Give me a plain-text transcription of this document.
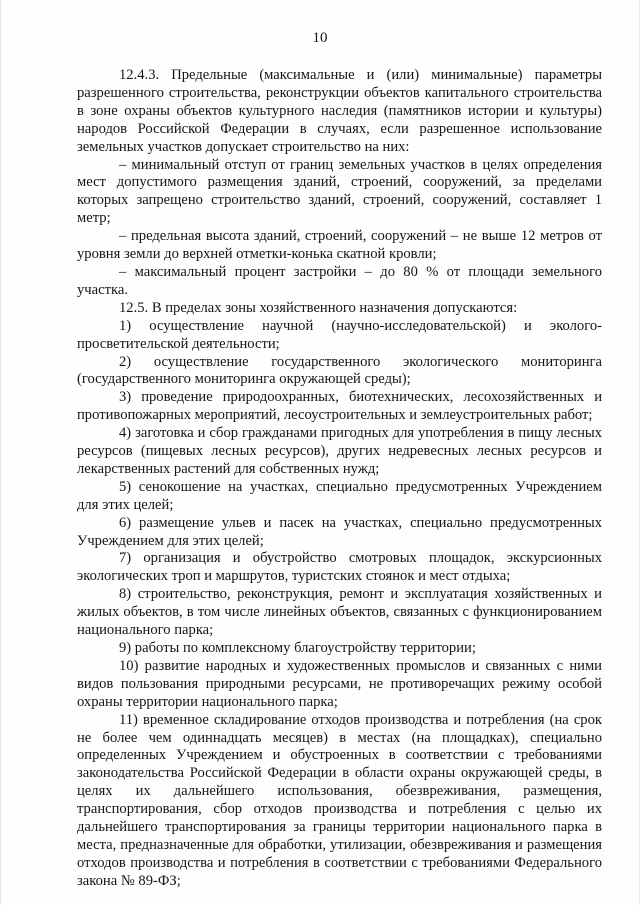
10

12.4.3. Предельные (максимальные и (или) минимальные) параметры разрешенного строительства, реконструкции объектов капитального строительства в зоне охраны объектов культурного наследия (памятников истории и культуры) народов Российской Федерации в случаях, если разрешенное использование земельных участков допускает строительство на них:

– минимальный отступ от границ земельных участков в целях определения мест допустимого размещения зданий, строений, сооружений, за пределами которых запрещено строительство зданий, строений, сооружений, составляет 1 метр;

– предельная высота зданий, строений, сооружений – не выше 12 метров от уровня земли до верхней отметки-конька скатной кровли;

– максимальный процент застройки – до 80 % от площади земельного участка.

12.5. В пределах зоны хозяйственного назначения допускаются:

1) осуществление научной (научно-исследовательской) и эколого-просветительской деятельности;

2) осуществление государственного экологического мониторинга (государственного мониторинга окружающей среды);

3) проведение природоохранных, биотехнических, лесохозяйственных и противопожарных мероприятий, лесоустроительных и землеустроительных работ;

4) заготовка и сбор гражданами пригодных для употребления в пищу лесных ресурсов (пищевых лесных ресурсов), других недревесных лесных ресурсов и лекарственных растений для собственных нужд;

5) сенокошение на участках, специально предусмотренных Учреждением для этих целей;

6) размещение ульев и пасек на участках, специально предусмотренных Учреждением для этих целей;

7) организация и обустройство смотровых площадок, экскурсионных экологических троп и маршрутов, туристских стоянок и мест отдыха;

8) строительство, реконструкция, ремонт и эксплуатация хозяйственных и жилых объектов, в том числе линейных объектов, связанных с функционированием национального парка;

9) работы по комплексному благоустройству территории;

10) развитие народных и художественных промыслов и связанных с ними видов пользования природными ресурсами, не противоречащих режиму особой охраны территории национального парка;

11) временное складирование отходов производства и потребления (на срок не более чем одиннадцать месяцев) в местах (на площадках), специально определенных Учреждением и обустроенных в соответствии с требованиями законодательства Российской Федерации в области охраны окружающей среды, в целях их дальнейшего использования, обезвреживания, размещения, транспортирования, сбор отходов производства и потребления с целью их дальнейшего транспортирования за границы территории национального парка в места, предназначенные для обработки, утилизации, обезвреживания и размещения отходов производства и потребления в соответствии с требованиями Федерального закона № 89-ФЗ;
